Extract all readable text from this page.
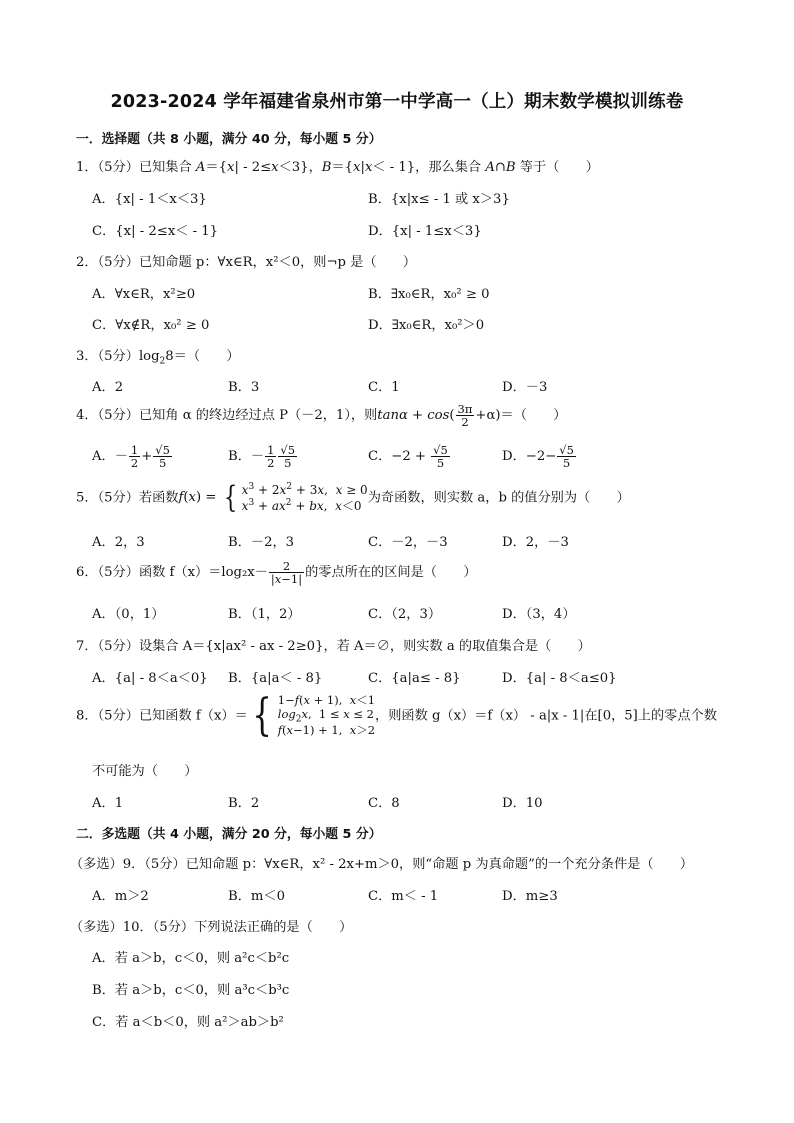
2023-2024 学年福建省泉州市第一中学高一（上）期末数学模拟训练卷
一．选择题（共 8 小题，满分 40 分，每小题 5 分）
1．（5分）已知集合 A＝{x| - 2≤x＜3}，B＝{x|x＜ - 1}，那么集合 A∩B 等于（　　）
A．{x| - 1＜x＜3}	B．{x|x≤ - 1 或 x＞3}
C．{x| - 2≤x＜ - 1}	D．{x| - 1≤x＜3}
2．（5分）已知命题 p：∀x∈R，x²＜0，则¬p 是（　　）
A．∀x∈R，x²≥0	B．∃x₀∈R，x₀² ≥ 0
C．∀x∉R，x₀² ≥ 0	D．∃x₀∈R，x₀²＞0
3．（5分）$\log_28=$（　　）
A．2	B．3	C．1	D．－3
4．（5分）已知角 α 的终边经过点 P（－2，1），则$\tan\alpha + \cos( \frac{3\pi}{2} +\alpha)=$（　　）
A．－ $\frac{1}{2} + \frac{√5}{5}$	B．－ $\frac{1}{2} \frac{√5}{5}$	C．$-2 + \frac{√5}{5}$	D．$-2- \frac{√5}{5}$
5．（5分）若函数f(x) = { $x^3 + 2x^2 + 3x$,  x ≥ 0
$x^3 + ax^2$ + bx,  x＜0为奇函数，则实数 a，b 的值分别为（　　）
A．2，3	B．－2，3	C．－2，－3	D．2，－3
6．（5分）函数 $f(x)=\log_2x- \frac{2}{|x-1|}$ 的零点所在的区间是（　　）
A．（0，1）	B．（1，2）	C．（2，3）	D．（3，4）
7．（5分）设集合 A＝{x|ax² - ax - 2≥0}，若 A＝∅，则实数 a 的取值集合是（　　）
A．{a| - 8＜a＜0} B．{a|a＜ - 8}	C．{a|a≤ - 8}	D．{a| - 8＜a≤0}
8．（5分）已知函数 f（x）＝{ 1−f(x + 1),  x＜1
$\log_2x$,  1 ≤ x ≤ 2
f(x−1) + 1,  x＞2，则函数 g（x）＝f（x） - a|x - 1|在[0，5]上的零点个数
不可能为（　　）
A．1	B．2	C．8	D．10
二．多选题（共 4 小题，满分 20 分，每小题 5 分）
（多选）9．（5分）已知命题 p：∀x∈R，x² - 2x+m＞0，则“命题 p 为真命题”的一个充分条件是（　　）
A．m＞2	B．m＜0	C．m＜ - 1	D．m≥3
（多选）10．（5分）下列说法正确的是（　　）
A．若 a＞b，c＜0，则 a²c＜b²c
B．若 a＞b，c＜0，则 a³c＜b³c
C．若 a＜b＜0，则 a²＞ab＞b²
